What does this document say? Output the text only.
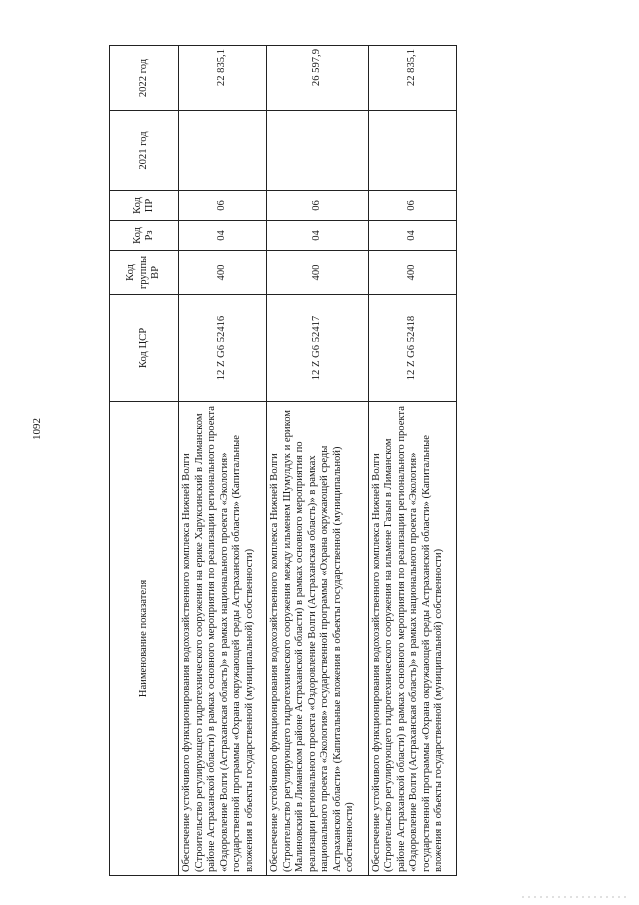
1092
Наименование показателя	Код ЦСР	Код группы ВР	Код Рз	Код ПР	2021 год	2022 год
Обеспечение устойчивого функционирования водохозяйственного комплекса Нижней Волги (Строительство регулирующего гидротехнического сооружения на ерике Харуксинский в Лиманском районе Астраханской области) в рамках основного мероприятия по реализации регионального проекта «Оздоровление Волги (Астраханская область)» в рамках национального проекта «Экология» государственной программы «Охрана окружающей среды Астраханской области» (Капитальные вложения в объекты государственной (муниципальной) собственности)	12 Z G6 52416	400	04	06		22 835,1
Обеспечение устойчивого функционирования водохозяйственного комплекса Нижней Волги (Строительство регулирующего гидротехнического сооружения между ильменем Шумулдук и ериком Малиновский в Лиманском районе Астраханской области) в рамках основного мероприятия по реализации регионального проекта «Оздоровление Волги (Астраханская область)» в рамках национального проекта «Экология» государственной программы «Охрана окружающей среды Астраханской области» (Капитальные вложения в объекты государственной (муниципальной) собственности)	12 Z G6 52417	400	04	06		26 597,9
Обеспечение устойчивого функционирования водохозяйственного комплекса Нижней Волги (Строительство регулирующего гидротехнического сооружения на ильмене Газын в Лиманском районе Астраханской области) в рамках основного мероприятия по реализации регионального проекта «Оздоровление Волги (Астраханская область)» в рамках национального проекта «Экология» государственной программы «Охрана окружающей среды Астраханской области» (Капитальные вложения в объекты государственной (муниципальной) собственности)	12 Z G6 52418	400	04	06		22 835,1
